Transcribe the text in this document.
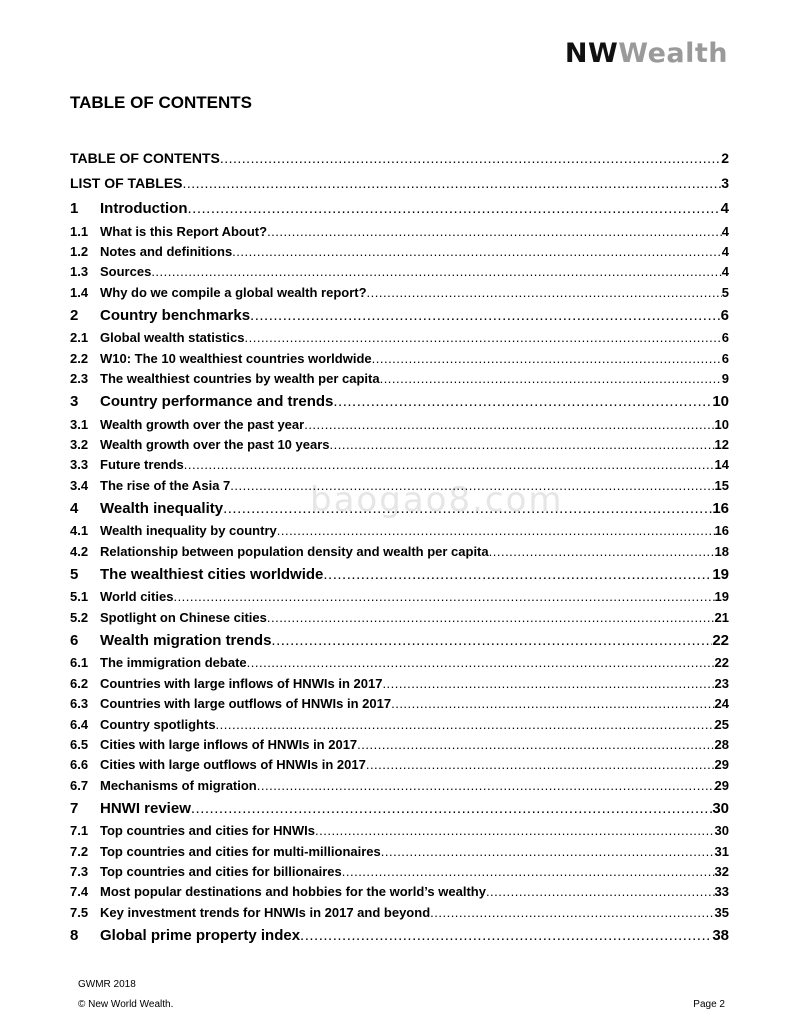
NWWealth
TABLE OF CONTENTS
baogao8.com
TABLE OF CONTENTS .....	2
LIST OF TABLES .....	3
1	Introduction .....	4
1.1 What is this Report About? .....	4
1.2 Notes and definitions .....	4
1.3 Sources .....	4
1.4 Why do we compile a global wealth report? .....	5
2	Country benchmarks .....	6
2.1 Global wealth statistics .....	6
2.2 W10: The 10 wealthiest countries worldwide .....	6
2.3 The wealthiest countries by wealth per capita .....	9
3	Country performance and trends .....	10
3.1 Wealth growth over the past year .....	10
3.2 Wealth growth over the past 10 years .....	12
3.3 Future trends .....	14
3.4 The rise of the Asia 7 .....	15
4	Wealth inequality .....	16
4.1 Wealth inequality by country .....	16
4.2 Relationship between population density and wealth per capita .....	18
5	The wealthiest cities worldwide .....	19
5.1 World cities .....	19
5.2 Spotlight on Chinese cities .....	21
6	Wealth migration trends .....	22
6.1 The immigration debate .....	22
6.2 Countries with large inflows of HNWIs in 2017 .....	23
6.3 Countries with large outflows of HNWIs in 2017 .....	24
6.4 Country spotlights .....	25
6.5 Cities with large inflows of HNWIs in 2017 .....	28
6.6 Cities with large outflows of HNWIs in 2017 .....	29
6.7 Mechanisms of migration .....	29
7	HNWI review .....	30
7.1 Top countries and cities for HNWIs .....	30
7.2 Top countries and cities for multi-millionaires .....	31
7.3 Top countries and cities for billionaires .....	32
7.4 Most popular destinations and hobbies for the world’s wealthy .....	33
7.5 Key investment trends for HNWIs in 2017 and beyond .....	35
8	Global prime property index .....	38
GWMR 2018
© New World Wealth.	Page 2
